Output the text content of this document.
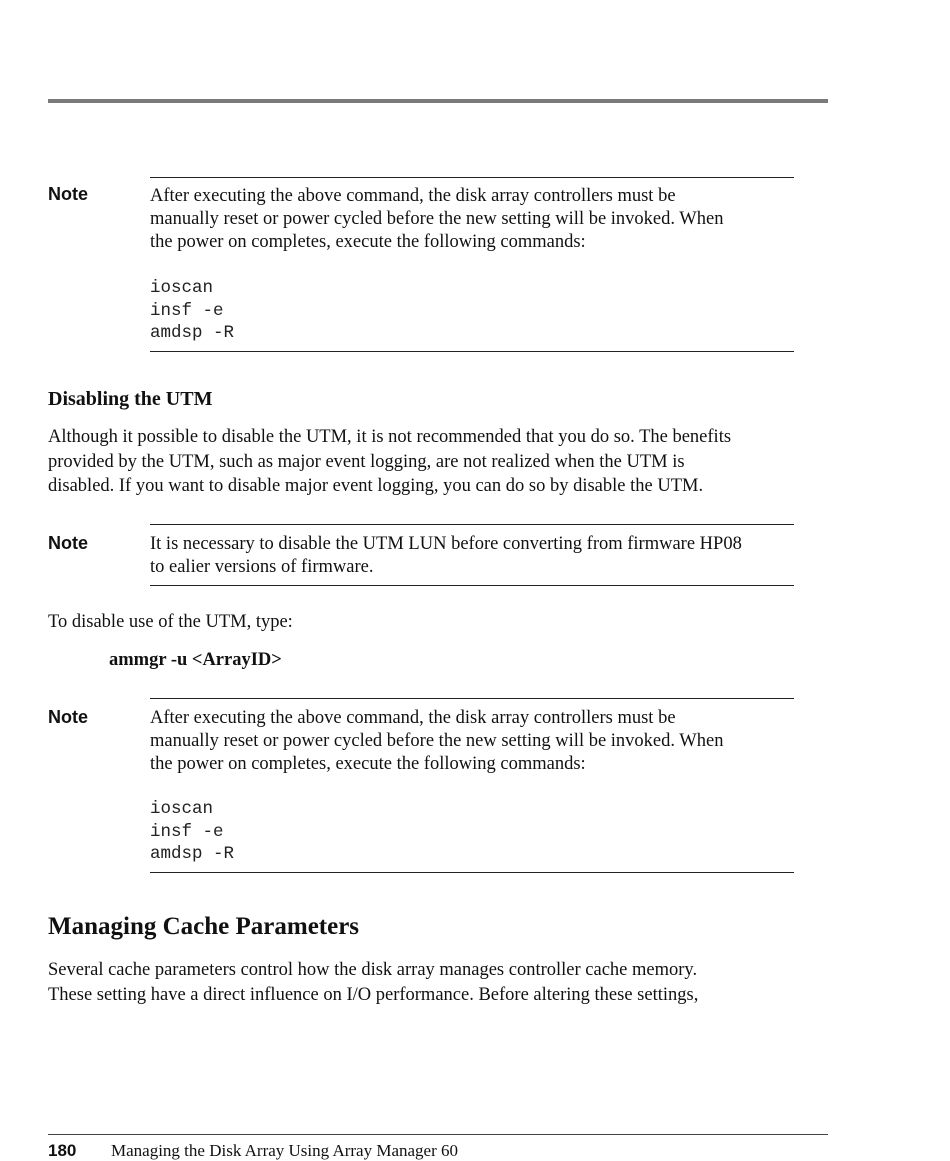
Note	After executing the above command, the disk array controllers must be
manually reset or power cycled before the new setting will be invoked. When
the power on completes, execute the following commands:

ioscan
insf -e
amdsp -R
Disabling the UTM

Although it possible to disable the UTM, it is not recommended that you do so. The benefits
provided by the UTM, such as major event logging, are not realized when the UTM is
disabled. If you want to disable major event logging, you can do so by disable the UTM.

Note	It is necessary to disable the UTM LUN before converting from firmware HP08
to ealier versions of firmware.

To disable use of the UTM, type:

ammgr -u <ArrayID>

Note	After executing the above command, the disk array controllers must be
manually reset or power cycled before the new setting will be invoked. When
the power on completes, execute the following commands:

ioscan
insf -e
amdsp -R
Managing Cache Parameters

Several cache parameters control how the disk array manages controller cache memory.
These setting have a direct influence on I/O performance. Before altering these settings,

180 Managing the Disk Array Using Array Manager 60
